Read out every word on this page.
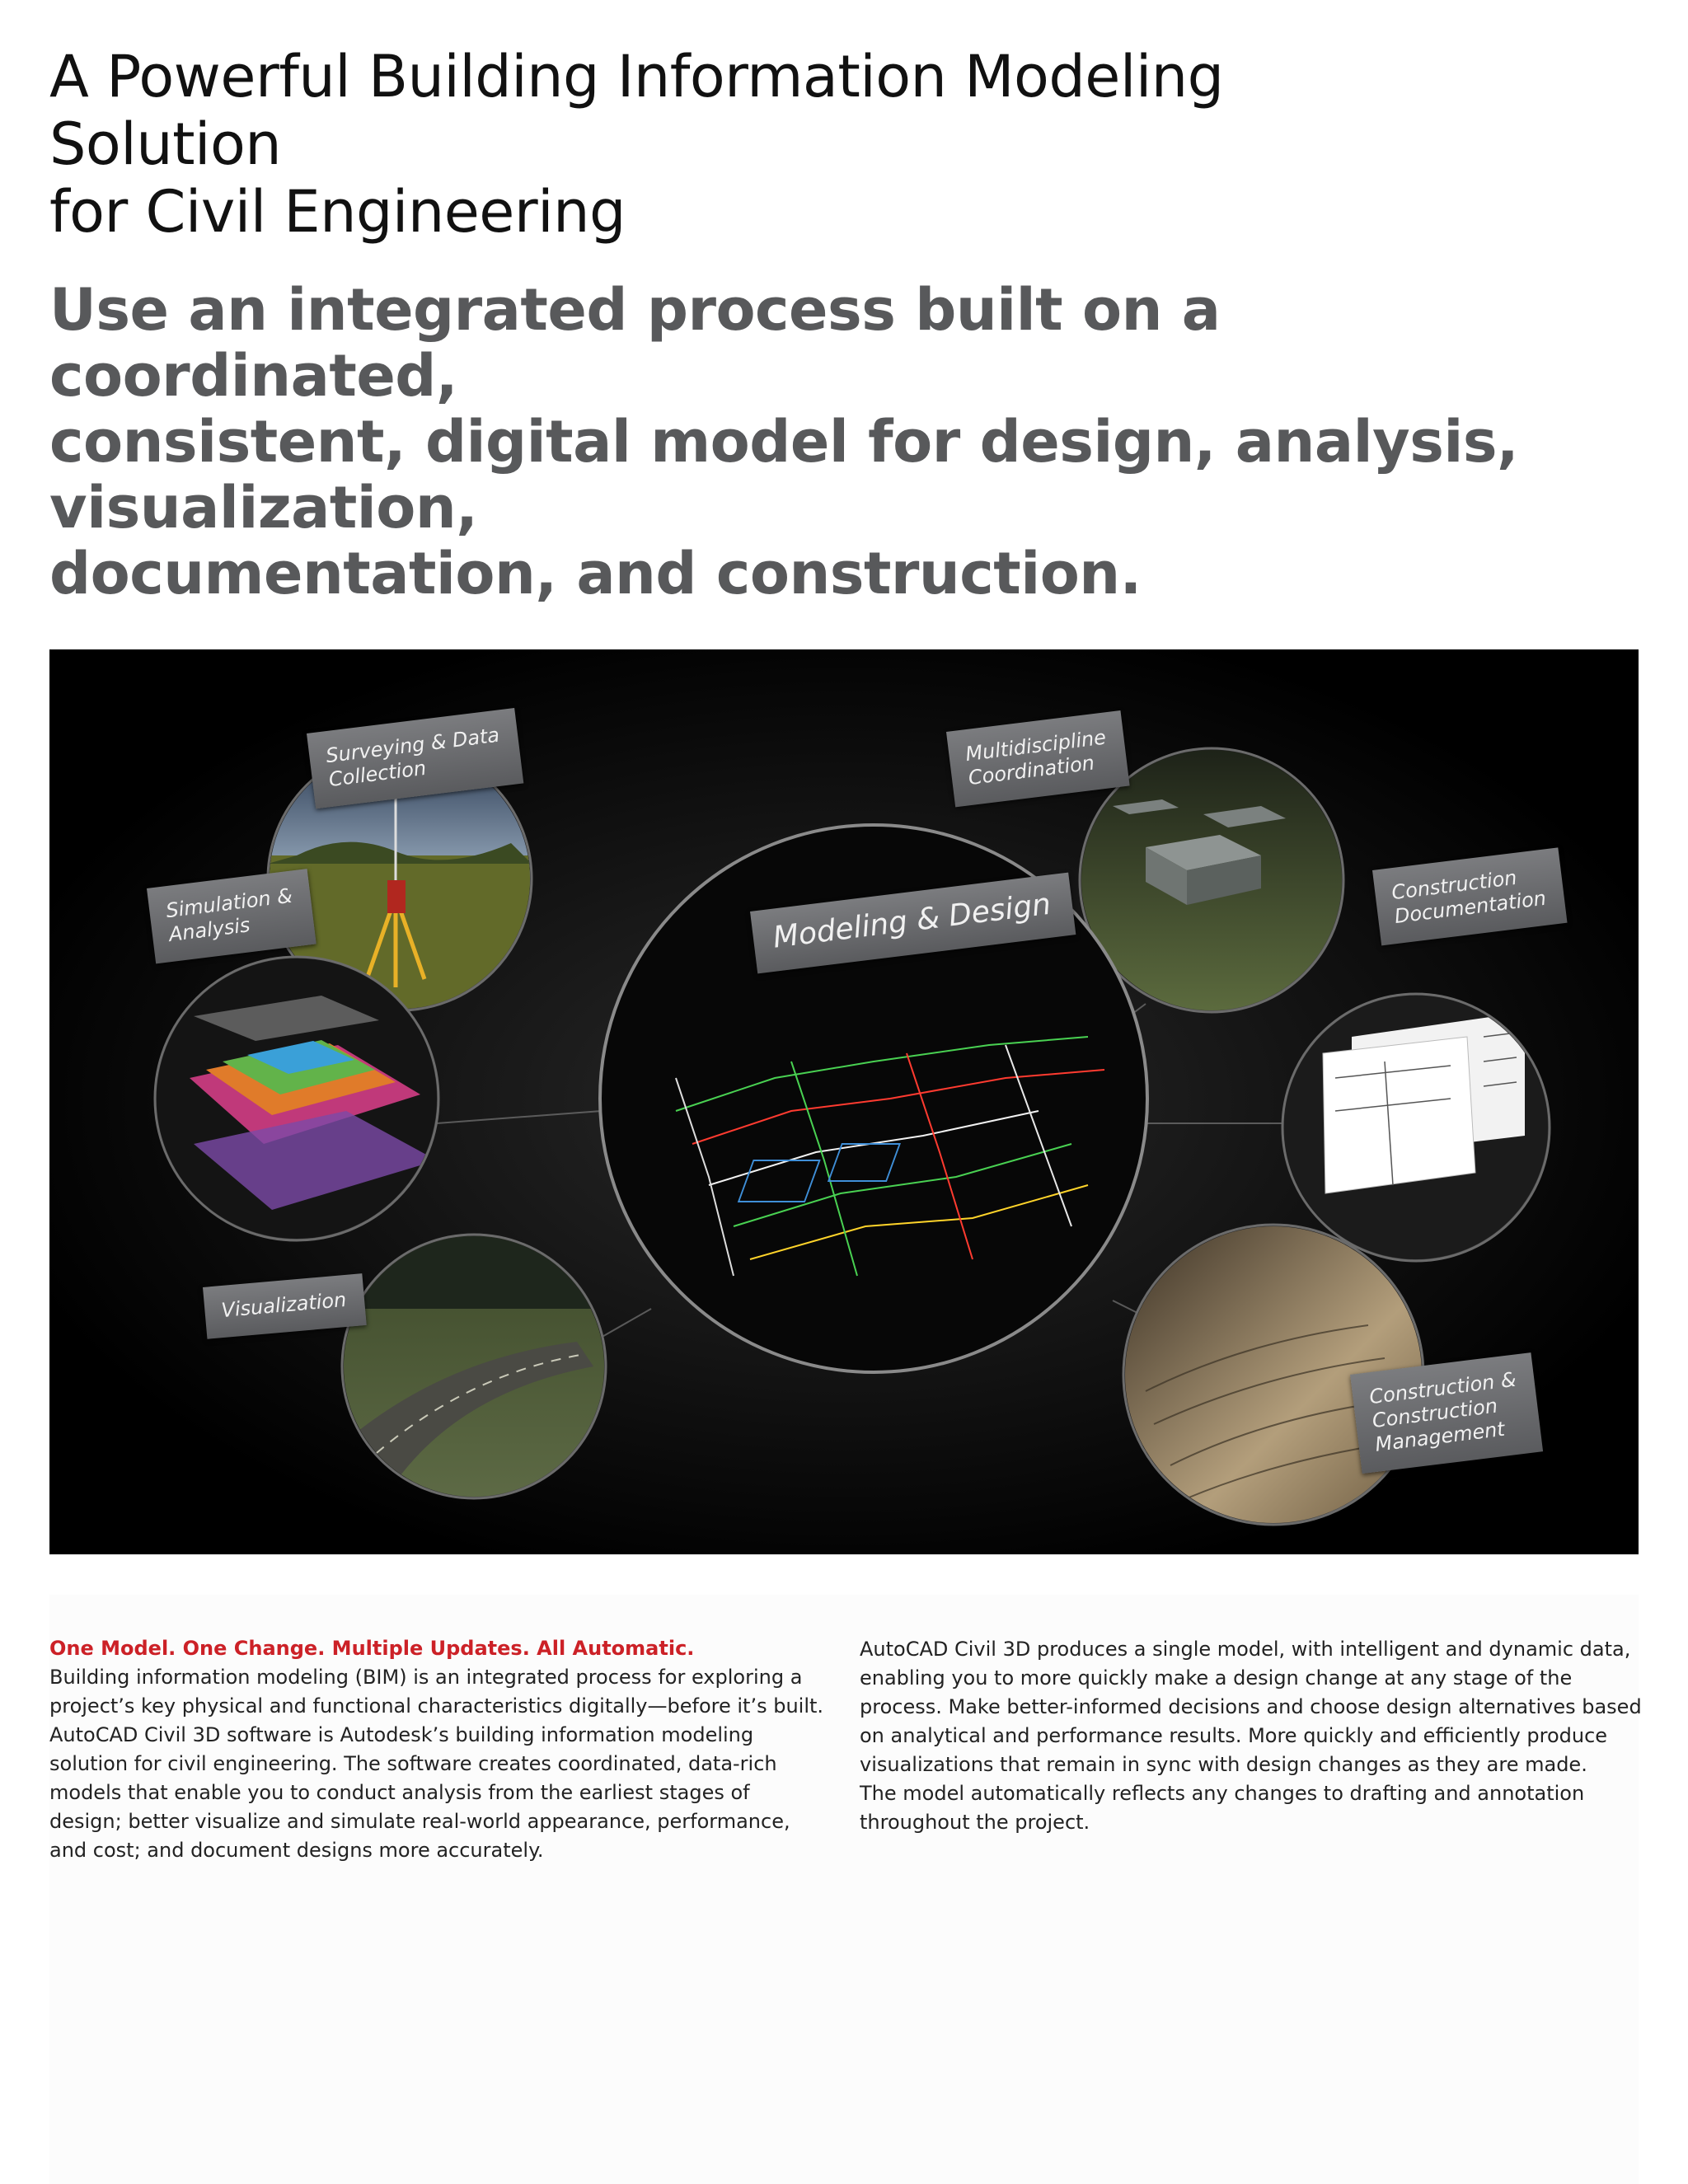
A Powerful Building Information Modeling Solution
for Civil Engineering
Use an integrated process built on a coordinated,
consistent, digital model for design, analysis, visualization,
documentation, and construction.
Surveying & Data
Collection
Multidiscipline
Coordination
Simulation &
Analysis
Construction
Documentation
Modeling & Design
Visualization
Construction &
Construction
Management
One Model. One Change. Multiple Updates. All Automatic.
Building information modeling (BIM) is an integrated process for exploring a project’s key physical and functional characteristics digitally—before it’s built. AutoCAD Civil 3D software is Autodesk’s building information modeling solution for civil engineering. The software creates coordinated, data-rich models that enable you to conduct analysis from the earliest stages of design; better visualize and simulate real-world appearance, performance, and cost; and document designs more accurately.
AutoCAD Civil 3D produces a single model, with intelligent and dynamic data, enabling you to more quickly make a design change at any stage of the process. Make better-informed decisions and choose design alternatives based on analytical and performance results. More quickly and efficiently produce visualizations that remain in sync with design changes as they are made.
The model automatically reflects any changes to drafting and annotation throughout the project.
